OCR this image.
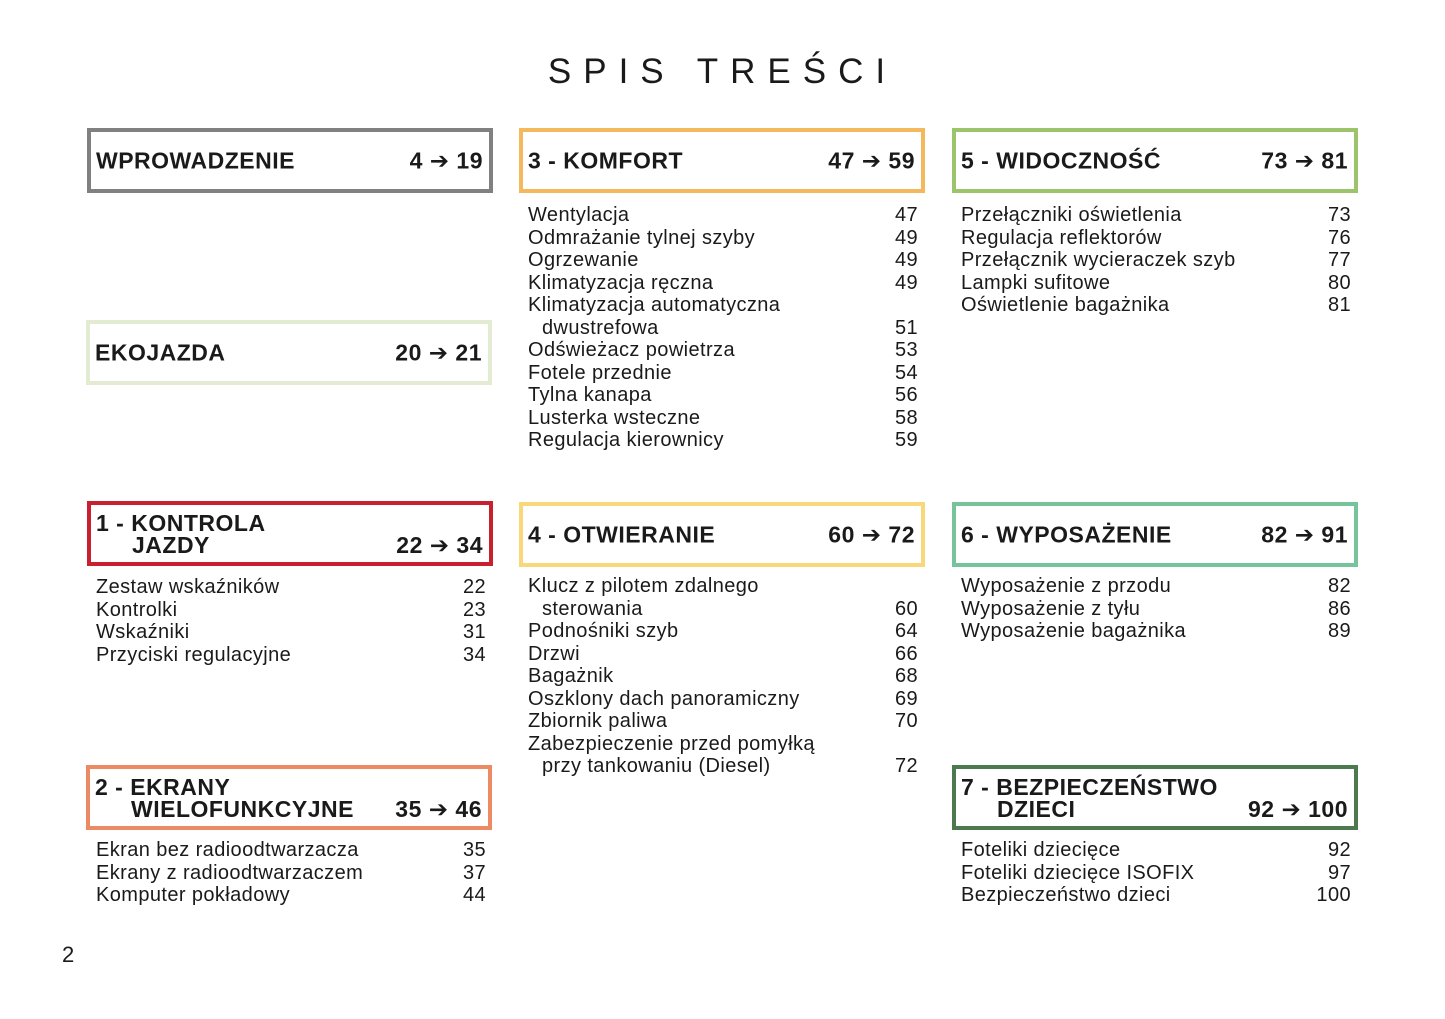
SPIS TREŚCI
WPROWADZENIE	4 ➔ 19
EKOJAZDA	20 ➔ 21
1 - KONTROLA
JAZDY	22 ➔ 34
Zestaw wskaźników	22
Kontrolki	23
Wskaźniki	31
Przyciski regulacyjne	34
2 - EKRANY
WIELOFUNKCYJNE 35 ➔ 46
Ekran bez radioodtwarzacza	35
Ekrany z radioodtwarzaczem	37
Komputer pokładowy	44
3 - KOMFORT	47 ➔ 59
Wentylacja	47
Odmrażanie tylnej szyby	49
Ogrzewanie	49
Klimatyzacja ręczna	49
Klimatyzacja automatyczna
dwustrefowa	51
Odświeżacz powietrza	53
Fotele przednie	54
Tylna kanapa	56
Lusterka wsteczne	58
Regulacja kierownicy	59
4 - OTWIERANIE	60 ➔ 72
Klucz z pilotem zdalnego
sterowania	60
Podnośniki szyb	64
Drzwi	66
Bagażnik	68
Oszklony dach panoramiczny	69
Zbiornik paliwa	70
Zabezpieczenie przed pomyłką
przy tankowaniu (Diesel)	72
5 - WIDOCZNOŚĆ	73 ➔ 81
Przełączniki oświetlenia	73
Regulacja reflektorów	76
Przełącznik wycieraczek szyb	77
Lampki sufitowe	80
Oświetlenie bagażnika	81
6 - WYPOSAŻENIE	82 ➔ 91
Wyposażenie z przodu	82
Wyposażenie z tyłu	86
Wyposażenie bagażnika	89
7 - BEZPIECZEŃSTWO
DZIECI	92 ➔ 100
Foteliki dziecięce	92
Foteliki dziecięce ISOFIX	97
Bezpieczeństwo dzieci	100
2
